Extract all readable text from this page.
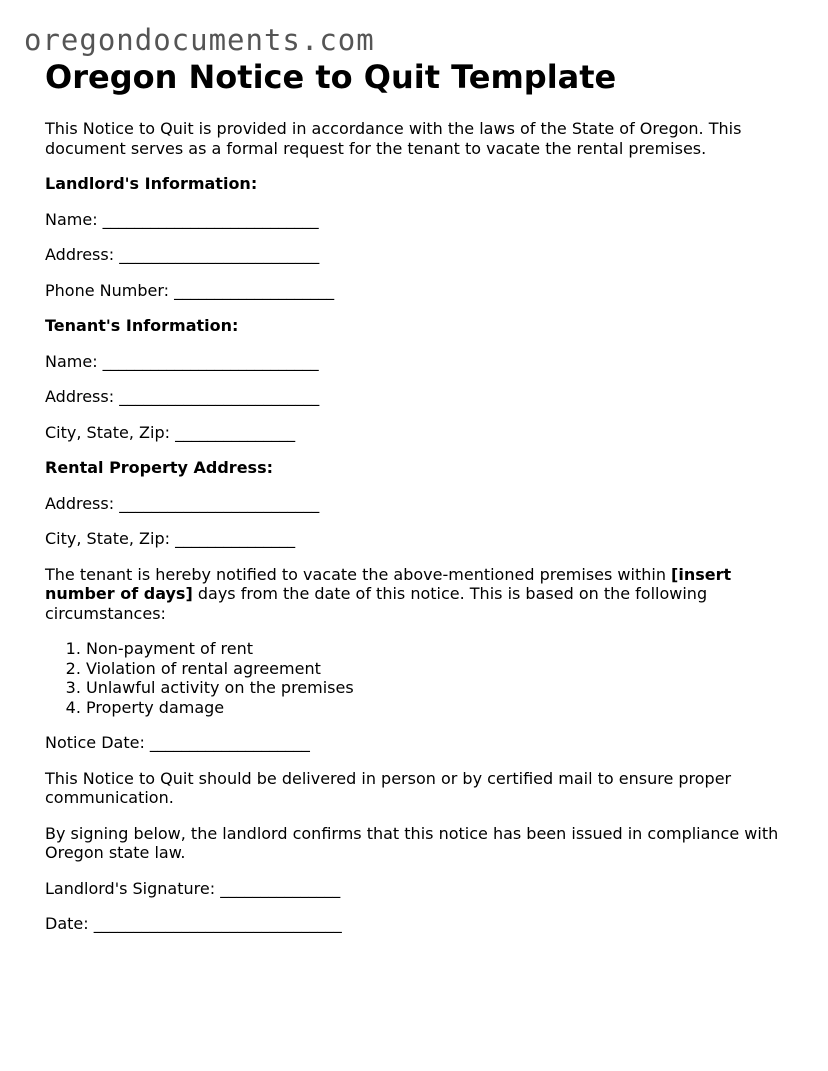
oregondocuments.com
Oregon Notice to Quit Template

This Notice to Quit is provided in accordance with the laws of the State of Oregon. This document serves as a formal request for the tenant to vacate the rental premises.

Landlord's Information:

Name: ___________________________

Address: _________________________

Phone Number: ____________________

Tenant's Information:

Name: ___________________________

Address: _________________________

City, State, Zip: _______________

Rental Property Address:

Address: _________________________

City, State, Zip: _______________

The tenant is hereby notified to vacate the above-mentioned premises within [insert number of days] days from the date of this notice. This is based on the following circumstances:

1. Non-payment of rent
2. Violation of rental agreement
3. Unlawful activity on the premises
4. Property damage

Notice Date: ____________________

This Notice to Quit should be delivered in person or by certified mail to ensure proper communication.

By signing below, the landlord confirms that this notice has been issued in compliance with Oregon state law.

Landlord's Signature: _______________

Date: _______________________________
